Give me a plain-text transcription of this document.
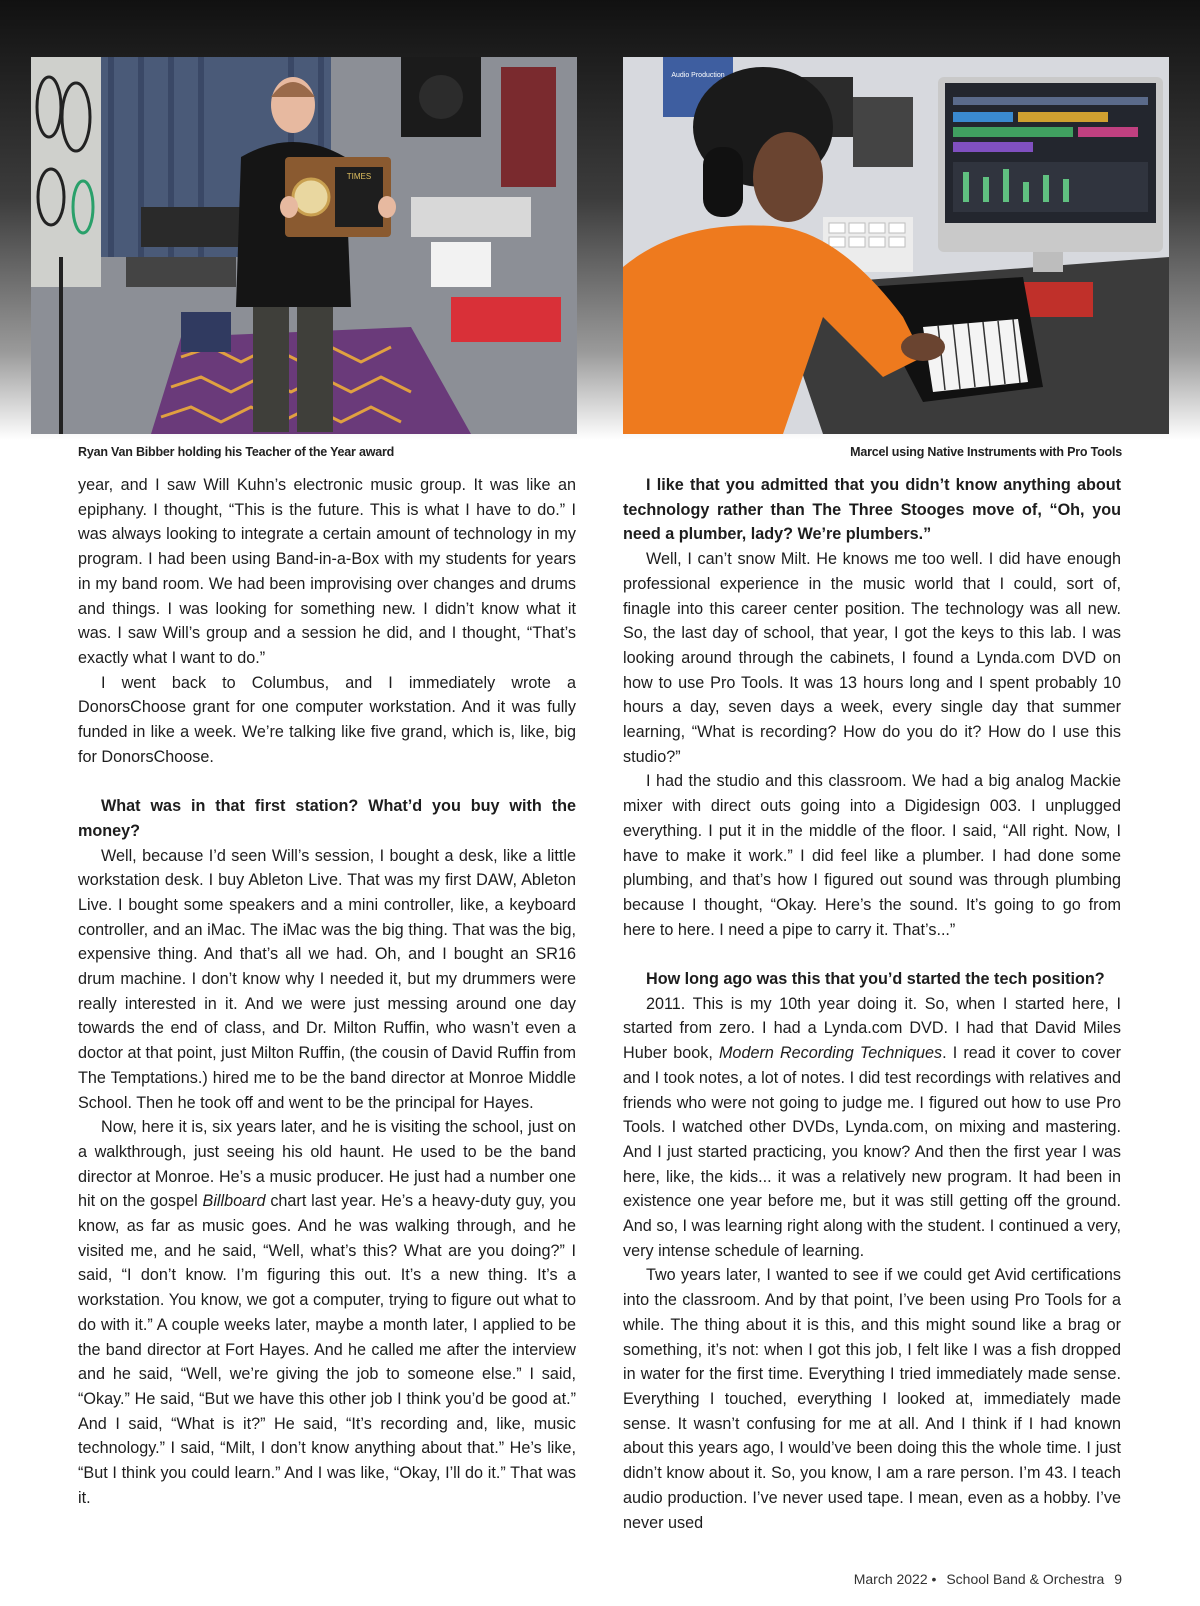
TIMES
Audio Production
Ryan Van Bibber holding his Teacher of the Year award	Marcel using Native Instruments with Pro Tools

year, and I saw Will Kuhn’s electronic music group. It was like an epiphany. I thought, “This is the future. This is what I have to do.” I was always looking to integrate a certain amount of technology in my program. I had been using Band-in-a-Box with my students for years in my band room. We had been improvising over changes and drums and things. I was looking for something new. I didn’t know what it was. I saw Will’s group and a session he did, and I thought, “That’s exactly what I want to do.”

I went back to Columbus, and I immediately wrote a DonorsChoose grant for one computer workstation. And it was fully funded in like a week. We’re talking like five grand, which is, like, big for DonorsChoose.

What was in that first station? What’d you buy with the money?

Well, because I’d seen Will’s session, I bought a desk, like a little workstation desk. I buy Ableton Live. That was my first DAW, Ableton Live. I bought some speakers and a mini controller, like, a keyboard controller, and an iMac. The iMac was the big thing. That was the big, expensive thing. And that’s all we had. Oh, and I bought an SR16 drum machine. I don’t know why I needed it, but my drummers were really interested in it. And we were just messing around one day towards the end of class, and Dr. Milton Ruffin, who wasn’t even a doctor at that point, just Milton Ruffin, (the cousin of David Ruffin from The Temptations.) hired me to be the band director at Monroe Middle School. Then he took off and went to be the principal for Hayes.

Now, here it is, six years later, and he is visiting the school, just on a walkthrough, just seeing his old haunt. He used to be the band director at Monroe. He’s a music producer. He just had a number one hit on the gospel Billboard chart last year. He’s a heavy-duty guy, you know, as far as music goes. And he was walking through, and he visited me, and he said, “Well, what’s this? What are you doing?” I said, “I don’t know. I’m figuring this out. It’s a new thing. It’s a workstation. You know, we got a computer, trying to figure out what to do with it.” A couple weeks later, maybe a month later, I applied to be the band director at Fort Hayes. And he called me after the interview and he said, “Well, we’re giving the job to someone else.” I said, “Okay.” He said, “But we have this other job I think you’d be good at.” And I said, “What is it?” He said, “It’s recording and, like, music technology.” I said, “Milt, I don’t know anything about that.” He’s like, “But I think you could learn.” And I was like, “Okay, I’ll do it.” That was it.

I like that you admitted that you didn’t know anything about technology rather than The Three Stooges move of, “Oh, you need a plumber, lady? We’re plumbers.”

Well, I can’t snow Milt. He knows me too well. I did have enough professional experience in the music world that I could, sort of, finagle into this career center position. The technology was all new. So, the last day of school, that year, I got the keys to this lab. I was looking around through the cabinets, I found a Lynda.com DVD on how to use Pro Tools. It was 13 hours long and I spent probably 10 hours a day, seven days a week, every single day that summer learning, “What is recording? How do you do it? How do I use this studio?”

I had the studio and this classroom. We had a big analog Mackie mixer with direct outs going into a Digidesign 003. I unplugged everything. I put it in the middle of the floor. I said, “All right. Now, I have to make it work.” I did feel like a plumber. I had done some plumbing, and that’s how I figured out sound was through plumbing because I thought, “Okay. Here’s the sound. It’s going to go from here to here. I need a pipe to carry it. That’s...”

How long ago was this that you’d started the tech position?

2011. This is my 10th year doing it. So, when I started here, I started from zero. I had a Lynda.com DVD. I had that David Miles Huber book, Modern Recording Techniques. I read it cover to cover and I took notes, a lot of notes. I did test recordings with relatives and friends who were not going to judge me. I figured out how to use Pro Tools. I watched other DVDs, Lynda.com, on mixing and mastering. And I just started practicing, you know? And then the first year I was here, like, the kids... it was a relatively new program. It had been in existence one year before me, but it was still getting off the ground. And so, I was learning right along with the student. I continued a very, very intense schedule of learning.

Two years later, I wanted to see if we could get Avid certifications into the classroom. And by that point, I’ve been using Pro Tools for a while. The thing about it is this, and this might sound like a brag or something, it’s not: when I got this job, I felt like I was a fish dropped in water for the first time. Everything I tried immediately made sense. Everything I touched, everything I looked at, immediately made sense. It wasn’t confusing for me at all. And I think if I had known about this years ago, I would’ve been doing this the whole time. I just didn’t know about it. So, you know, I am a rare person. I’m 43. I teach audio production. I’ve never used tape. I mean, even as a hobby. I’ve never used

March 2022 • School Band & Orchestra 9
